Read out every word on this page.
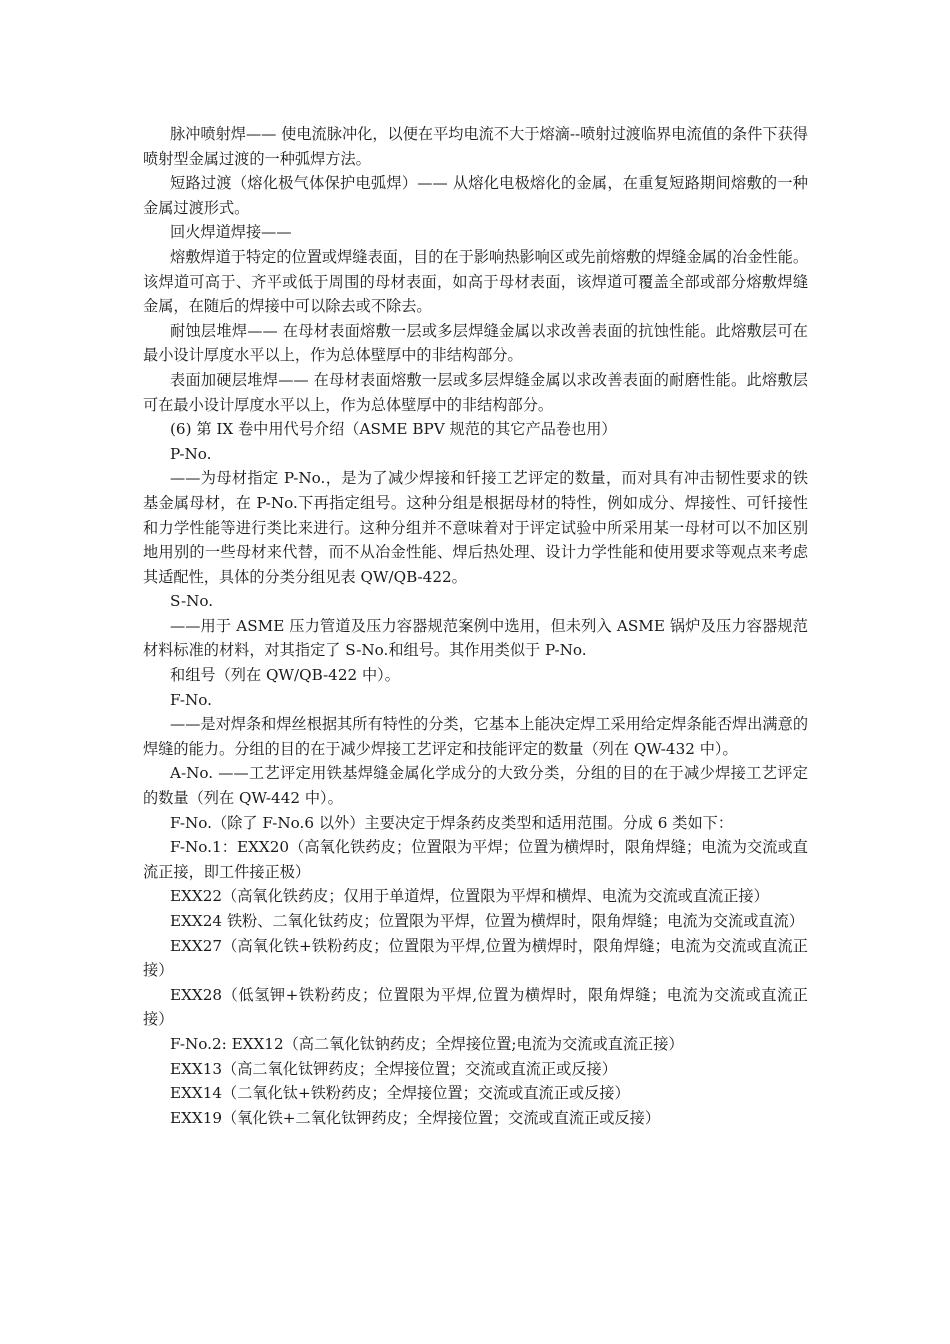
脉冲喷射焊—— 使电流脉冲化，以便在平均电流不大于熔滴--喷射过渡临界电流值的条件下获得喷射型金属过渡的一种弧焊方法。

短路过渡（熔化极气体保护电弧焊）—— 从熔化电极熔化的金属，在重复短路期间熔敷的一种金属过渡形式。

回火焊道焊接——

熔敷焊道于特定的位置或焊缝表面，目的在于影响热影响区或先前熔敷的焊缝金属的冶金性能。该焊道可高于、齐平或低于周围的母材表面，如高于母材表面，该焊道可覆盖全部或部分熔敷焊缝金属，在随后的焊接中可以除去或不除去。

耐蚀层堆焊—— 在母材表面熔敷一层或多层焊缝金属以求改善表面的抗蚀性能。此熔敷层可在最小设计厚度水平以上，作为总体壁厚中的非结构部分。

表面加硬层堆焊—— 在母材表面熔敷一层或多层焊缝金属以求改善表面的耐磨性能。此熔敷层可在最小设计厚度水平以上，作为总体壁厚中的非结构部分。

(6) 第 IX 卷中用代号介绍（ASME BPV 规范的其它产品卷也用）

P-No.

——为母材指定 P-No.，是为了减少焊接和钎接工艺评定的数量，而对具有冲击韧性要求的铁基金属母材，在 P-No.下再指定组号。这种分组是根据母材的特性，例如成分、焊接性、可钎接性和力学性能等进行类比来进行。这种分组并不意味着对于评定试验中所采用某一母材可以不加区别地用别的一些母材来代替，而不从冶金性能、焊后热处理、设计力学性能和使用要求等观点来考虑其适配性，具体的分类分组见表 QW/QB-422。

S-No.

——用于 ASME 压力管道及压力容器规范案例中选用，但未列入 ASME 锅炉及压力容器规范材料标准的材料，对其指定了 S-No.和组号。其作用类似于 P-No.

和组号（列在 QW/QB-422 中）。

F-No.

——是对焊条和焊丝根据其所有特性的分类，它基本上能决定焊工采用给定焊条能否焊出满意的焊缝的能力。分组的目的在于减少焊接工艺评定和技能评定的数量（列在 QW-432 中）。

A-No. ——工艺评定用铁基焊缝金属化学成分的大致分类，分组的目的在于减少焊接工艺评定的数量（列在 QW-442 中）。

F-No.（除了 F-No.6 以外）主要决定于焊条药皮类型和适用范围。分成 6 类如下：

F-No.1：EXX20（高氧化铁药皮；位置限为平焊；位置为横焊时，限角焊缝；电流为交流或直流正接，即工件接正极）

EXX22（高氧化铁药皮；仅用于单道焊，位置限为平焊和横焊、电流为交流或直流正接）

EXX24 铁粉、二氧化钛药皮；位置限为平焊，位置为横焊时，限角焊缝；电流为交流或直流）

EXX27（高氧化铁+铁粉药皮；位置限为平焊,位置为横焊时，限角焊缝；电流为交流或直流正接）

EXX28（低氢钾+铁粉药皮；位置限为平焊,位置为横焊时，限角焊缝；电流为交流或直流正接）

F-No.2: EXX12（高二氧化钛钠药皮；全焊接位置;电流为交流或直流正接）

EXX13（高二氧化钛钾药皮；全焊接位置；交流或直流正或反接）

EXX14（二氧化钛+铁粉药皮；全焊接位置；交流或直流正或反接）

EXX19（氧化铁+二氧化钛钾药皮；全焊接位置；交流或直流正或反接）
